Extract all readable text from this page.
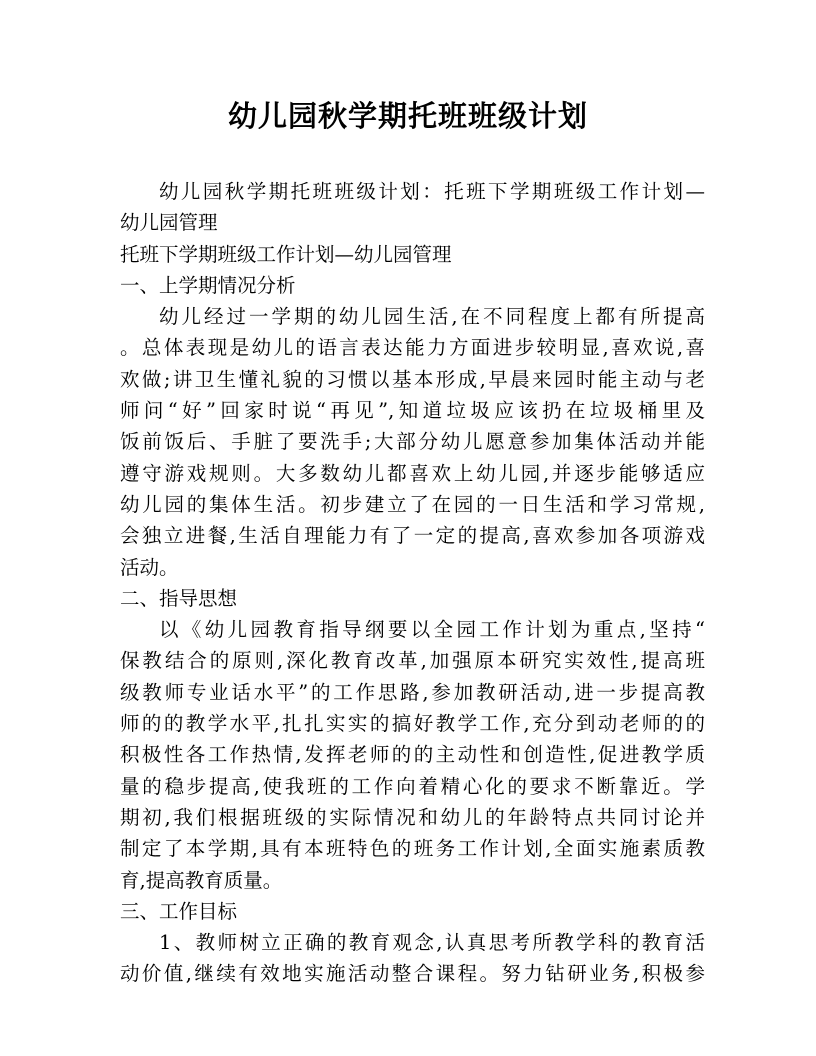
幼儿园秋学期托班班级计划
幼儿园秋学期托班班级计划：托班下学期班级工作计划—
幼儿园管理
托班下学期班级工作计划—幼儿园管理
一、上学期情况分析
幼儿经过一学期的幼儿园生活,在不同程度上都有所提高
。总体表现是幼儿的语言表达能力方面进步较明显,喜欢说,喜
欢做;讲卫生懂礼貌的习惯以基本形成,早晨来园时能主动与老
师问“好”回家时说“再见”,知道垃圾应该扔在垃圾桶里及
饭前饭后、手脏了要洗手;大部分幼儿愿意参加集体活动并能
遵守游戏规则。大多数幼儿都喜欢上幼儿园,并逐步能够适应
幼儿园的集体生活。初步建立了在园的一日生活和学习常规,
会独立进餐,生活自理能力有了一定的提高,喜欢参加各项游戏
活动。
二、指导思想
以《幼儿园教育指导纲要以全园工作计划为重点,坚持“
保教结合的原则,深化教育改革,加强原本研究实效性,提高班
级教师专业话水平”的工作思路,参加教研活动,进一步提高教
师的的教学水平,扎扎实实的搞好教学工作,充分到动老师的的
积极性各工作热情,发挥老师的的主动性和创造性,促进教学质
量的稳步提高,使我班的工作向着精心化的要求不断靠近。学
期初,我们根据班级的实际情况和幼儿的年龄特点共同讨论并
制定了本学期,具有本班特色的班务工作计划,全面实施素质教
育,提高教育质量。
三、工作目标
1、教师树立正确的教育观念,认真思考所教学科的教育活
动价值,继续有效地实施活动整合课程。努力钻研业务,积极参
